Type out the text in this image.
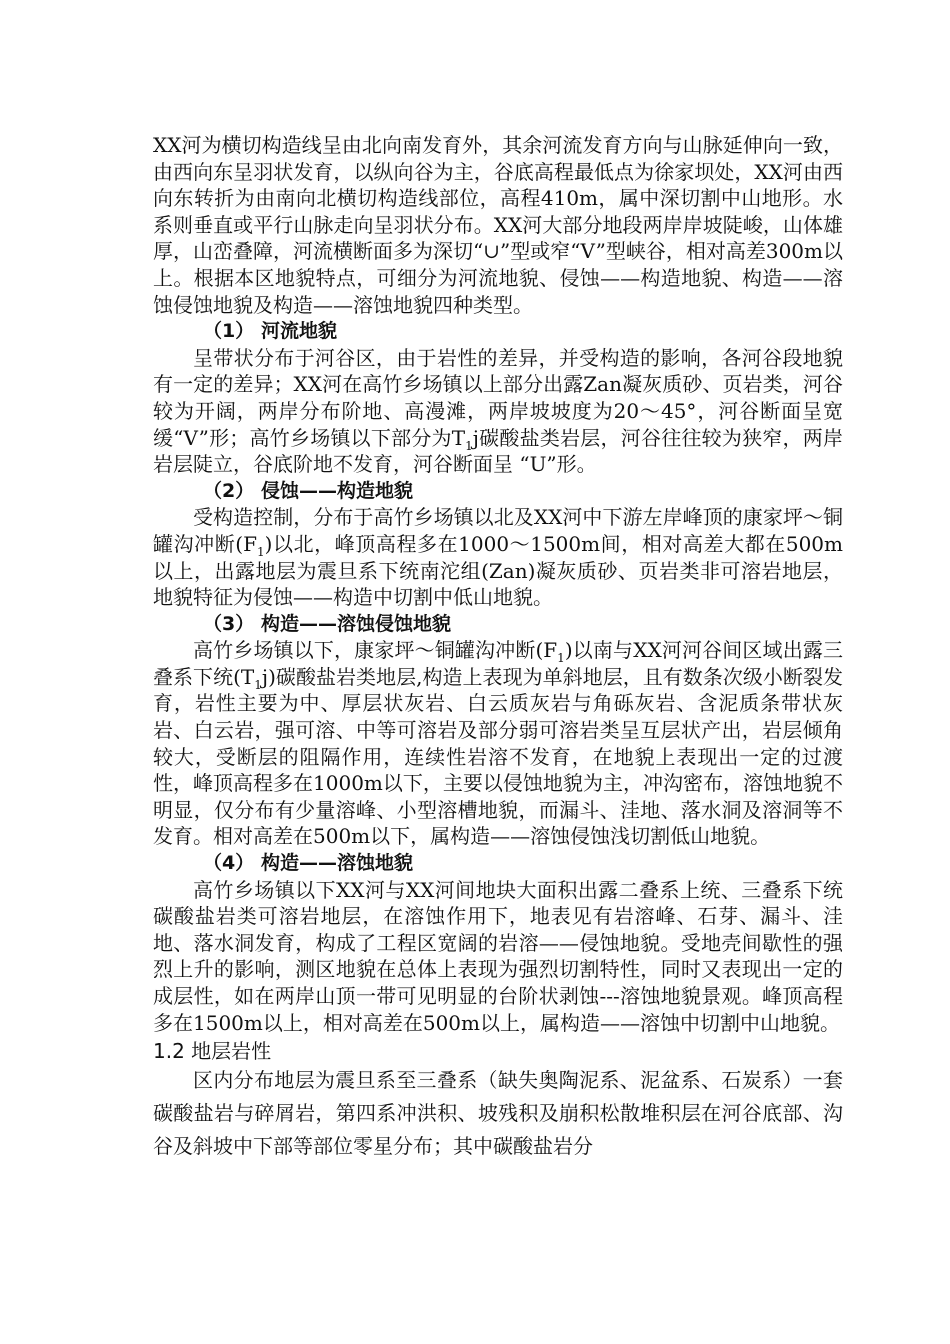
XX河为横切构造线呈由北向南发育外，其余河流发育方向与山脉延伸向一致，由西向东呈羽状发育，以纵向谷为主，谷底高程最低点为徐家坝处，XX河由西向东转折为由南向北横切构造线部位，高程410m，属中深切割中山地形。水系则垂直或平行山脉走向呈羽状分布。XX河大部分地段两岸岸坡陡峻，山体雄厚，山峦叠障，河流横断面多为深切“∪”型或窄“V”型峡谷，相对高差300m以上。根据本区地貌特点，可细分为河流地貌、侵蚀——构造地貌、构造——溶蚀侵蚀地貌及构造——溶蚀地貌四种类型。

（1） 河流地貌

呈带状分布于河谷区，由于岩性的差异，并受构造的影响，各河谷段地貌有一定的差异；XX河在高竹乡场镇以上部分出露Zan凝灰质砂、页岩类，河谷较为开阔，两岸分布阶地、高漫滩，两岸坡坡度为20～45°，河谷断面呈宽缓“V”形；高竹乡场镇以下部分为$T_1j$碳酸盐类岩层，河谷往往较为狭窄，两岸岩层陡立，谷底阶地不发育，河谷断面呈 “U”形。

（2） 侵蚀——构造地貌

受构造控制，分布于高竹乡场镇以北及XX河中下游左岸峰顶的康家坪～铜罐沟冲断$(F_1)$以北，峰顶高程多在1000～1500m间，相对高差大都在500m以上，出露地层为震旦系下统南沱组(Zan)凝灰质砂、页岩类非可溶岩地层，地貌特征为侵蚀——构造中切割中低山地貌。

（3） 构造——溶蚀侵蚀地貌

高竹乡场镇以下，康家坪～铜罐沟冲断$(F_1)$以南与XX河河谷间区域出露三叠系下统$(T_1j)$碳酸盐岩类地层,构造上表现为单斜地层，且有数条次级小断裂发育，岩性主要为中、厚层状灰岩、白云质灰岩与角砾灰岩、含泥质条带状灰岩、白云岩，强可溶、中等可溶岩及部分弱可溶岩类呈互层状产出，岩层倾角较大，受断层的阻隔作用，连续性岩溶不发育，在地貌上表现出一定的过渡性，峰顶高程多在1000m以下，主要以侵蚀地貌为主，冲沟密布，溶蚀地貌不明显，仅分布有少量溶峰、小型溶槽地貌，而漏斗、洼地、落水洞及溶洞等不发育。相对高差在500m以下，属构造——溶蚀侵蚀浅切割低山地貌。

（4） 构造——溶蚀地貌

高竹乡场镇以下XX河与XX河间地块大面积出露二叠系上统、三叠系下统碳酸盐岩类可溶岩地层，在溶蚀作用下，地表见有岩溶峰、石芽、漏斗、洼地、落水洞发育，构成了工程区宽阔的岩溶——侵蚀地貌。受地壳间歇性的强烈上升的影响，测区地貌在总体上表现为强烈切割特性，同时又表现出一定的成层性，如在两岸山顶一带可见明显的台阶状剥蚀---溶蚀地貌景观。峰顶高程多在1500m以上，相对高差在500m以上，属构造——溶蚀中切割中山地貌。

1.2 地层岩性

区内分布地层为震旦系至三叠系（缺失奥陶泥系、泥盆系、石炭系）一套碳酸盐岩与碎屑岩，第四系冲洪积、坡残积及崩积松散堆积层在河谷底部、沟谷及斜坡中下部等部位零星分布；其中碳酸盐岩分
